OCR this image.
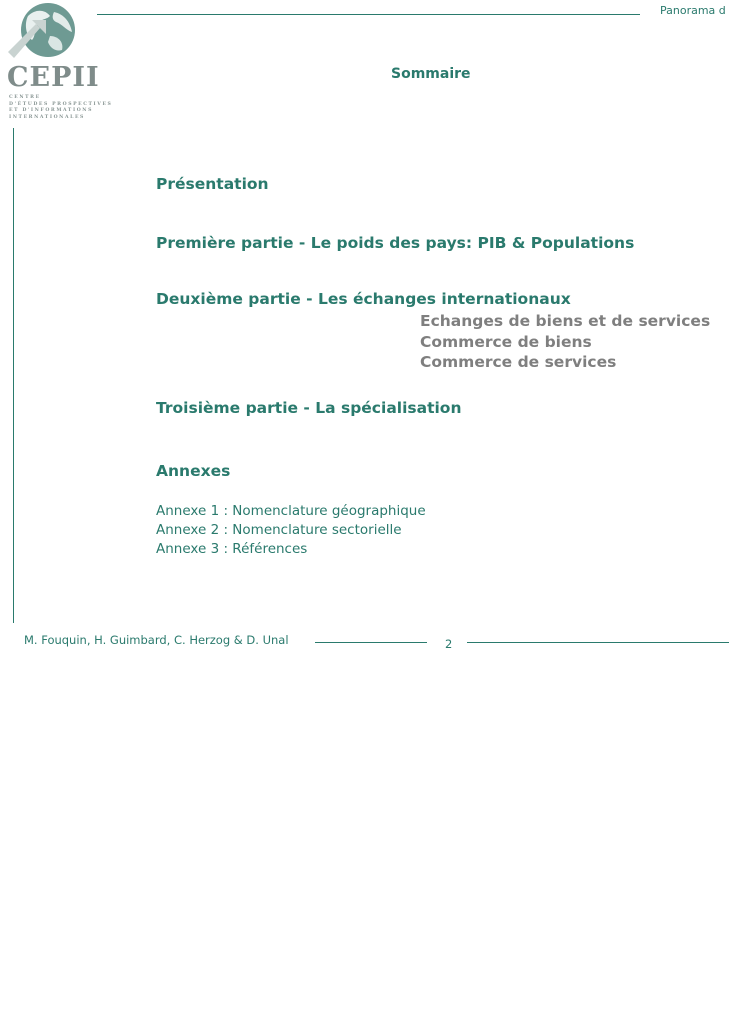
CEPII
CENTRE
D'ÉTUDES PROSPECTIVES
ET D'INFORMATIONS
INTERNATIONALES
Panorama d
Sommaire
Présentation
Première partie - Le poids des pays: PIB & Populations
Deuxième partie - Les échanges internationaux
Echanges de biens et de services
Commerce de biens
Commerce de services
Troisième partie - La spécialisation
Annexes
Annexe 1 : Nomenclature géographique
Annexe 2 : Nomenclature sectorielle
Annexe 3 : Références
M. Fouquin, H. Guimbard, C. Herzog & D. Unal	2
